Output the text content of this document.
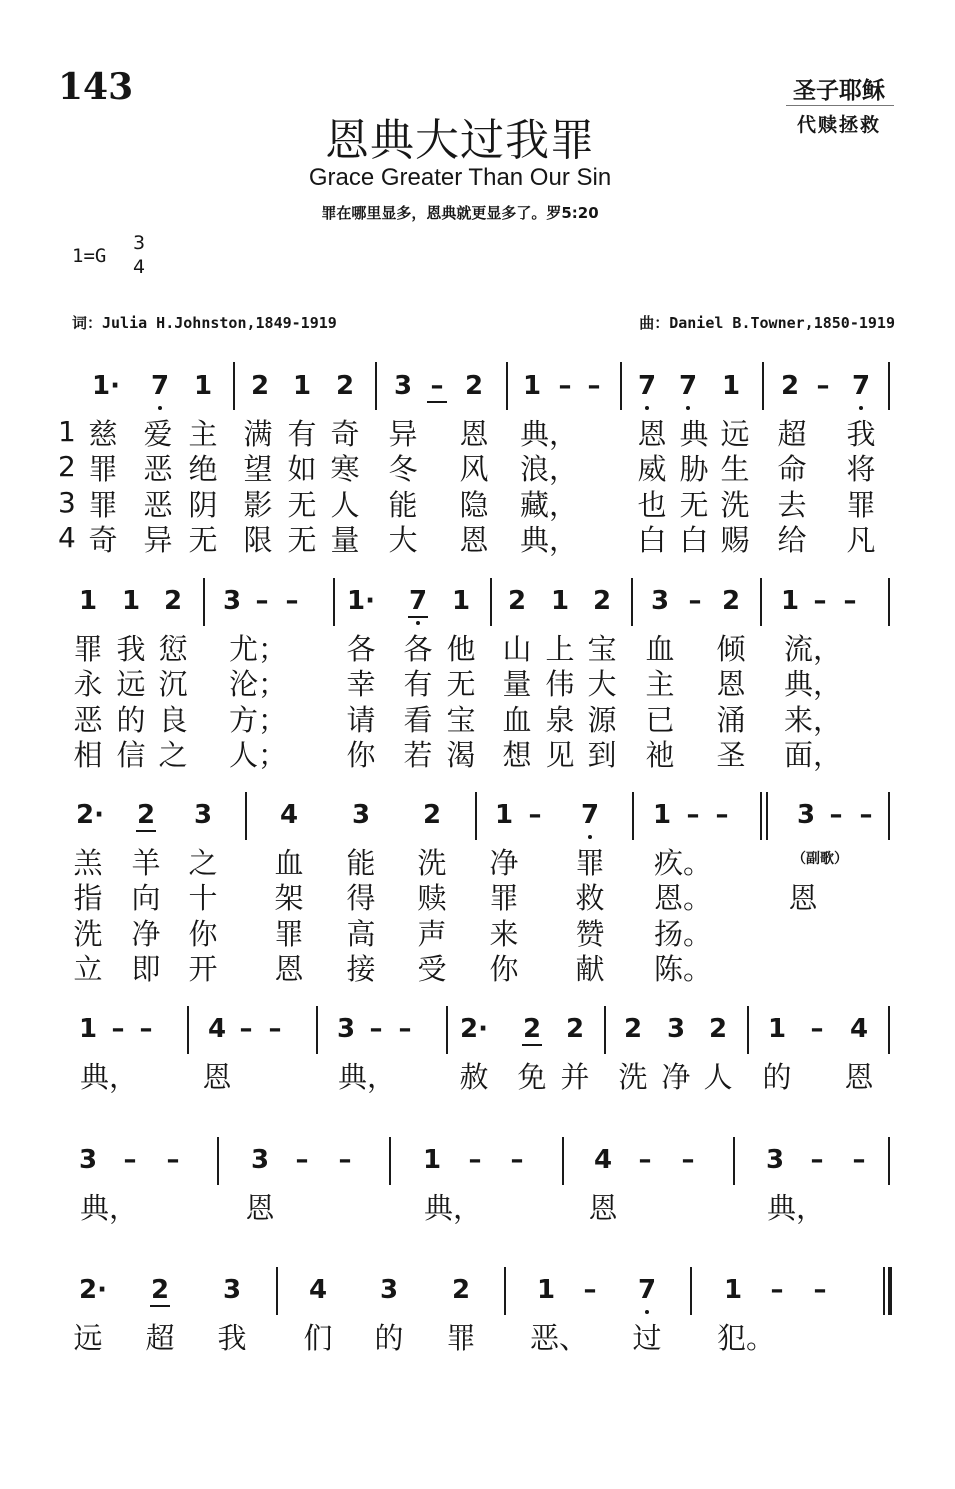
143	圣子耶稣
代赎拯救
恩典大过我罪
Grace Greater Than Our Sin
罪在哪里显多，恩典就更显多了。罗5:20
1=G
3
4
词：Julia H.Johnston,1849-1919	曲：Daniel B.Towner,1850-1919
1· 7 1 2 1 2 3 – 2 1 – – 7 7 1 2 – 7
1
2
3
4
慈 爱 主 满 有 奇 异 恩 典， 恩 典 远 超 我
罪 恶 绝 望 如 寒 冬 风 浪， 威 胁 生 命 将
罪 恶 阴 影 无 人 能 隐 藏， 也 无 洗 去 罪
奇 异 无 限 无 量 大 恩 典， 白 白 赐 给 凡
1 1 2 3 – – 1· 7 1 2 1 2 3 – 2 1 – –
罪 我 愆 尤； 各 各 他 山 上 宝 血 倾 流，
永 远 沉 沦； 幸 有 无 量 伟 大 主 恩 典，
恶 的 良 方； 请 看 宝 血 泉 源 已 涌 来，
相 信 之 人； 你 若 渴 想 见 到 祂 圣 面，
2· 2 3	4 3 2 1 – 7 1 – –	3 – –
（副歌）
羔 羊 之 血 能 洗 净 罪 疚。
指 向 十 架 得 赎 罪 救 恩。	恩
洗 净 你 罪 高 声 来 赞 扬。
立 即 开 恩 接 受 你 献 陈。
1 – – 4 – – 3 – – 2· 2 2 2 3 2 1 – 4
典， 恩	典， 赦 免 并 洗 净 人 的 恩
3 – –	3 – –	1 – –	4 – –	3 – –
典，	恩	典，	恩	典，
2· 2 3	4 3 2	1 – 7	1 – –
远 超 我 们 的 罪 恶、 过 犯。
